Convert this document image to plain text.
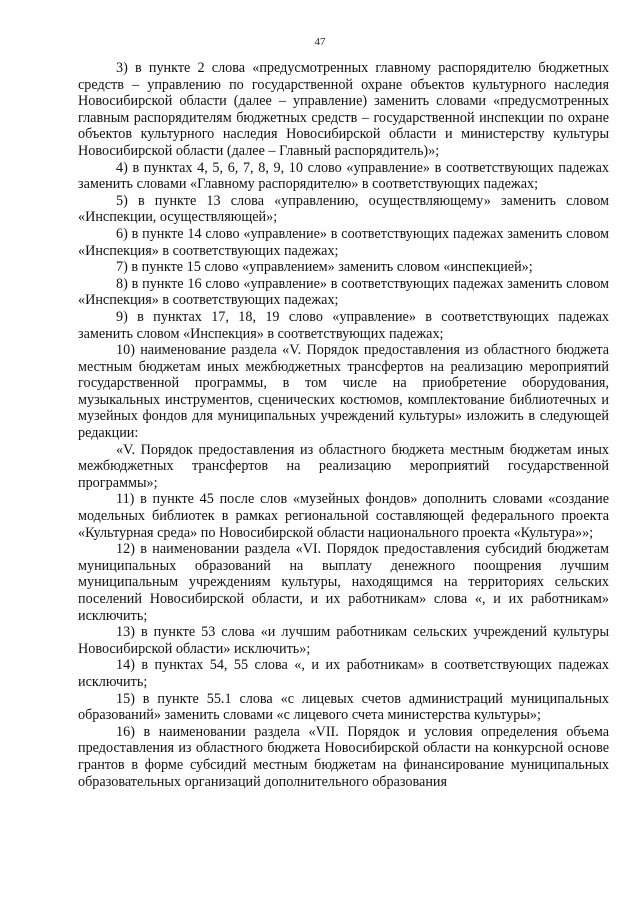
47

3) в пункте 2 слова «предусмотренных главному распорядителю бюджетных средств – управлению по государственной охране объектов культурного наследия Новосибирской области (далее – управление) заменить словами «предусмотренных главным распорядителям бюджетных средств – государственной инспекции по охране объектов культурного наследия Новосибирской области и министерству культуры Новосибирской области (далее – Главный распорядитель)»;

4) в пунктах 4, 5, 6, 7, 8, 9, 10 слово «управление» в соответствующих падежах заменить словами «Главному распорядителю» в соответствующих падежах;

5) в пункте 13 слова «управлению, осуществляющему» заменить словом «Инспекции, осуществляющей»;

6) в пункте 14 слово «управление» в соответствующих падежах заменить словом «Инспекция» в соответствующих падежах;

7) в пункте 15 слово «управлением» заменить словом «инспекцией»;

8) в пункте 16 слово «управление» в соответствующих падежах заменить словом «Инспекция» в соответствующих падежах;

9) в пунктах 17, 18, 19 слово «управление» в соответствующих падежах заменить словом «Инспекция» в соответствующих падежах;

10) наименование раздела «V. Порядок предоставления из областного бюджета местным бюджетам иных межбюджетных трансфертов на реализацию мероприятий государственной программы, в том числе на приобретение оборудования, музыкальных инструментов, сценических костюмов, комплектование библиотечных и музейных фондов для муниципальных учреждений культуры» изложить в следующей редакции:

«V. Порядок предоставления из областного бюджета местным бюджетам иных межбюджетных трансфертов на реализацию мероприятий государственной программы»;

11) в пункте 45 после слов «музейных фондов» дополнить словами «создание модельных библиотек в рамках региональной составляющей федерального проекта «Культурная среда» по Новосибирской области национального проекта «Культура»»;

12) в наименовании раздела «VI. Порядок предоставления субсидий бюджетам муниципальных образований на выплату денежного поощрения лучшим муниципальным учреждениям культуры, находящимся на территориях сельских поселений Новосибирской области, и их работникам» слова «, и их работникам» исключить;

13) в пункте 53 слова «и лучшим работникам сельских учреждений культуры Новосибирской области» исключить»;

14) в пунктах 54, 55 слова «, и их работникам» в соответствующих падежах исключить;

15) в пункте 55.1 слова «с лицевых счетов администраций муниципальных образований» заменить словами «с лицевого счета министерства культуры»;

16) в наименовании раздела «VII. Порядок и условия определения объема предоставления из областного бюджета Новосибирской области на конкурсной основе грантов в форме субсидий местным бюджетам на финансирование муниципальных образовательных организаций дополнительного образования
